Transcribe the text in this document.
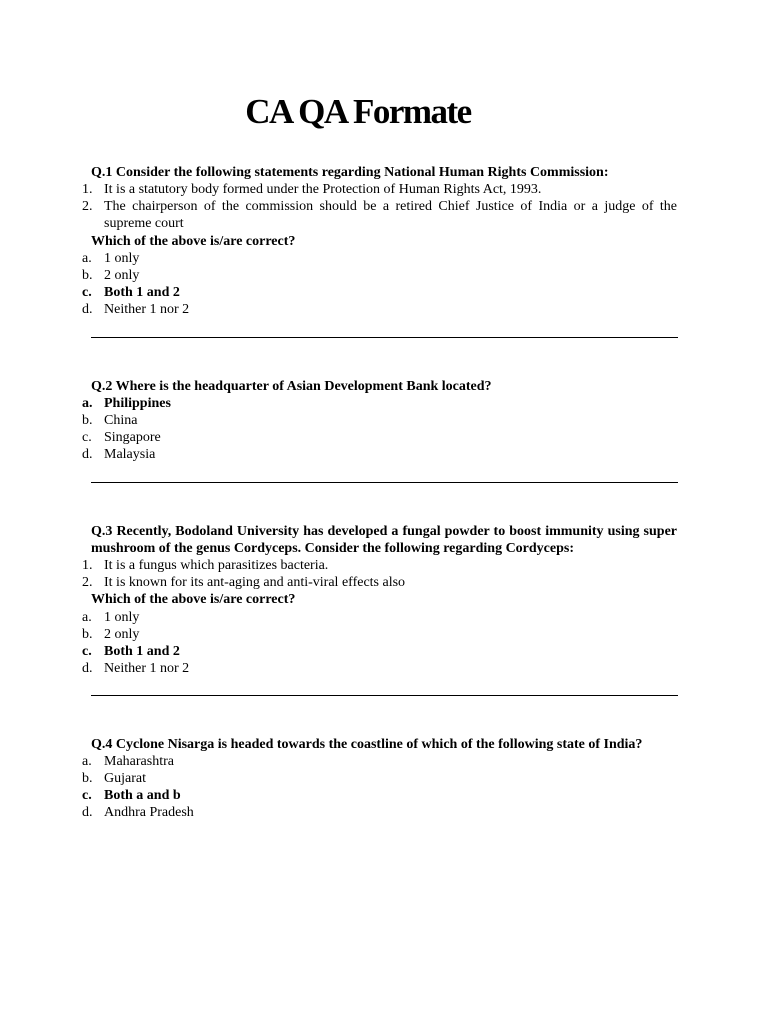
CA QA Formate
Q.1 Consider the following statements regarding National Human Rights Commission:
1. It is a statutory body formed under the Protection of Human Rights Act, 1993.
2. The chairperson of the commission should be a retired Chief Justice of India or a judge of the supreme court
Which of the above is/are correct?
a. 1 only
b. 2 only
c. Both 1 and 2
d. Neither 1 nor 2
Q.2 Where is the headquarter of Asian Development Bank located?
a. Philippines
b. China
c. Singapore
d. Malaysia
Q.3 Recently, Bodoland University has developed a fungal powder to boost immunity using super mushroom of the genus Cordyceps. Consider the following regarding Cordyceps:
1. It is a fungus which parasitizes bacteria.
2. It is known for its ant-aging and anti-viral effects also
Which of the above is/are correct?
a. 1 only
b. 2 only
c. Both 1 and 2
d. Neither 1 nor 2
Q.4 Cyclone Nisarga is headed towards the coastline of which of the following state of India?
a. Maharashtra
b. Gujarat
c. Both a and b
d. Andhra Pradesh
